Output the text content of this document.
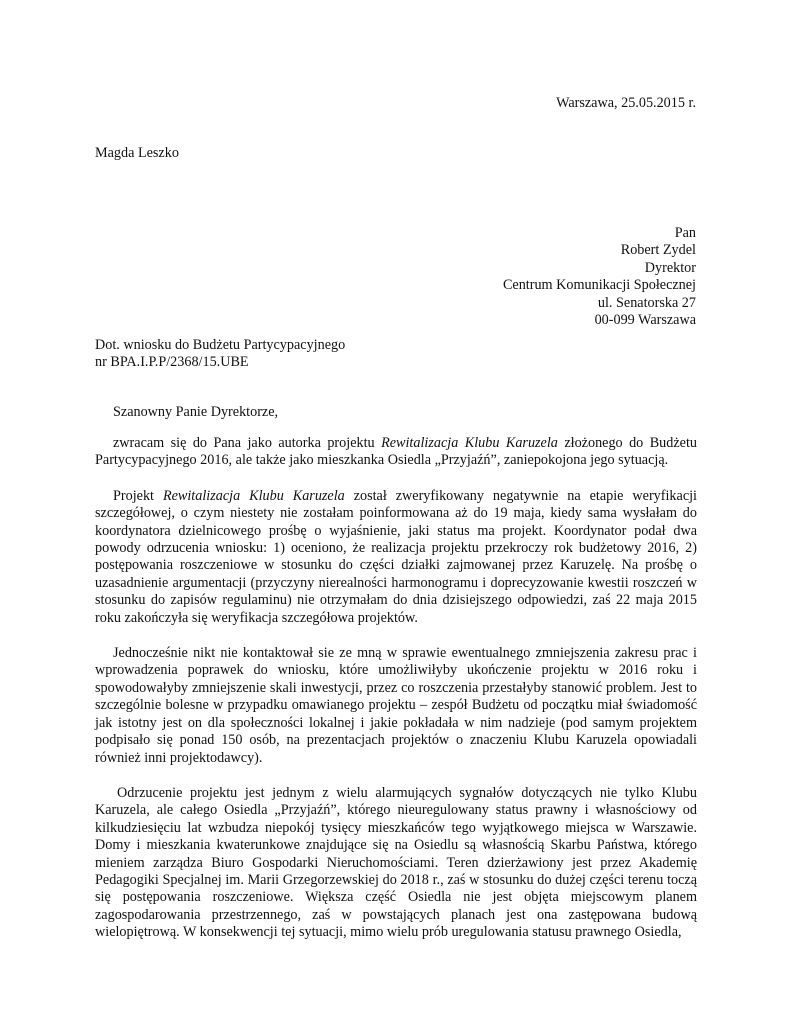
Warszawa, 25.05.2015 r.
Magda Leszko
Pan
Robert Zydel
Dyrektor
Centrum Komunikacji Społecznej
ul. Senatorska 27
00-099 Warszawa
Dot. wniosku do Budżetu Partycypacyjnego
nr BPA.I.P.P/2368/15.UBE
Szanowny Panie Dyrektorze,

zwracam się do Pana jako autorka projektu Rewitalizacja Klubu Karuzela złożonego do Budżetu Partycypacyjnego 2016, ale także jako mieszkanka Osiedla „Przyjaźń”, zaniepokojona jego sytuacją.

Projekt Rewitalizacja Klubu Karuzela został zweryfikowany negatywnie na etapie weryfikacji szczegółowej, o czym niestety nie zostałam poinformowana aż do 19 maja, kiedy sama wysłałam do koordynatora dzielnicowego prośbę o wyjaśnienie, jaki status ma projekt. Koordynator podał dwa powody odrzucenia wniosku: 1) oceniono, że realizacja projektu przekroczy rok budżetowy 2016, 2) postępowania roszczeniowe w stosunku do części działki zajmowanej przez Karuzelę. Na prośbę o uzasadnienie argumentacji (przyczyny nierealności harmonogramu i doprecyzowanie kwestii roszczeń w stosunku do zapisów regulaminu) nie otrzymałam do dnia dzisiejszego odpowiedzi, zaś 22 maja 2015 roku zakończyła się weryfikacja szczegółowa projektów.

Jednocześnie nikt nie kontaktował sie ze mną w sprawie ewentualnego zmniejszenia zakresu prac i wprowadzenia poprawek do wniosku, które umożliwiłyby ukończenie projektu w 2016 roku i spowodowałyby zmniejszenie skali inwestycji, przez co roszczenia przestałyby stanowić problem. Jest to szczególnie bolesne w przypadku omawianego projektu – zespół Budżetu od początku miał świadomość jak istotny jest on dla społeczności lokalnej i jakie pokładała w nim nadzieje (pod samym projektem podpisało się ponad 150 osób, na prezentacjach projektów o znaczeniu Klubu Karuzela opowiadali również inni projektodawcy).

Odrzucenie projektu jest jednym z wielu alarmujących sygnałów dotyczących nie tylko Klubu Karuzela, ale całego Osiedla „Przyjaźń”, którego nieuregulowany status prawny i własnościowy od kilkudziesięciu lat wzbudza niepokój tysięcy mieszkańców tego wyjątkowego miejsca w Warszawie. Domy i mieszkania kwaterunkowe znajdujące się na Osiedlu są własnością Skarbu Państwa, którego mieniem zarządza Biuro Gospodarki Nieruchomościami. Teren dzierżawiony jest przez Akademię Pedagogiki Specjalnej im. Marii Grzegorzewskiej do 2018 r., zaś w stosunku do dużej części terenu toczą się postępowania roszczeniowe. Większa część Osiedla nie jest objęta miejscowym planem zagospodarowania przestrzennego, zaś w powstających planach jest ona zastępowana budową wielopiętrową. W konsekwencji tej sytuacji, mimo wielu prób uregulowania statusu prawnego Osiedla,
